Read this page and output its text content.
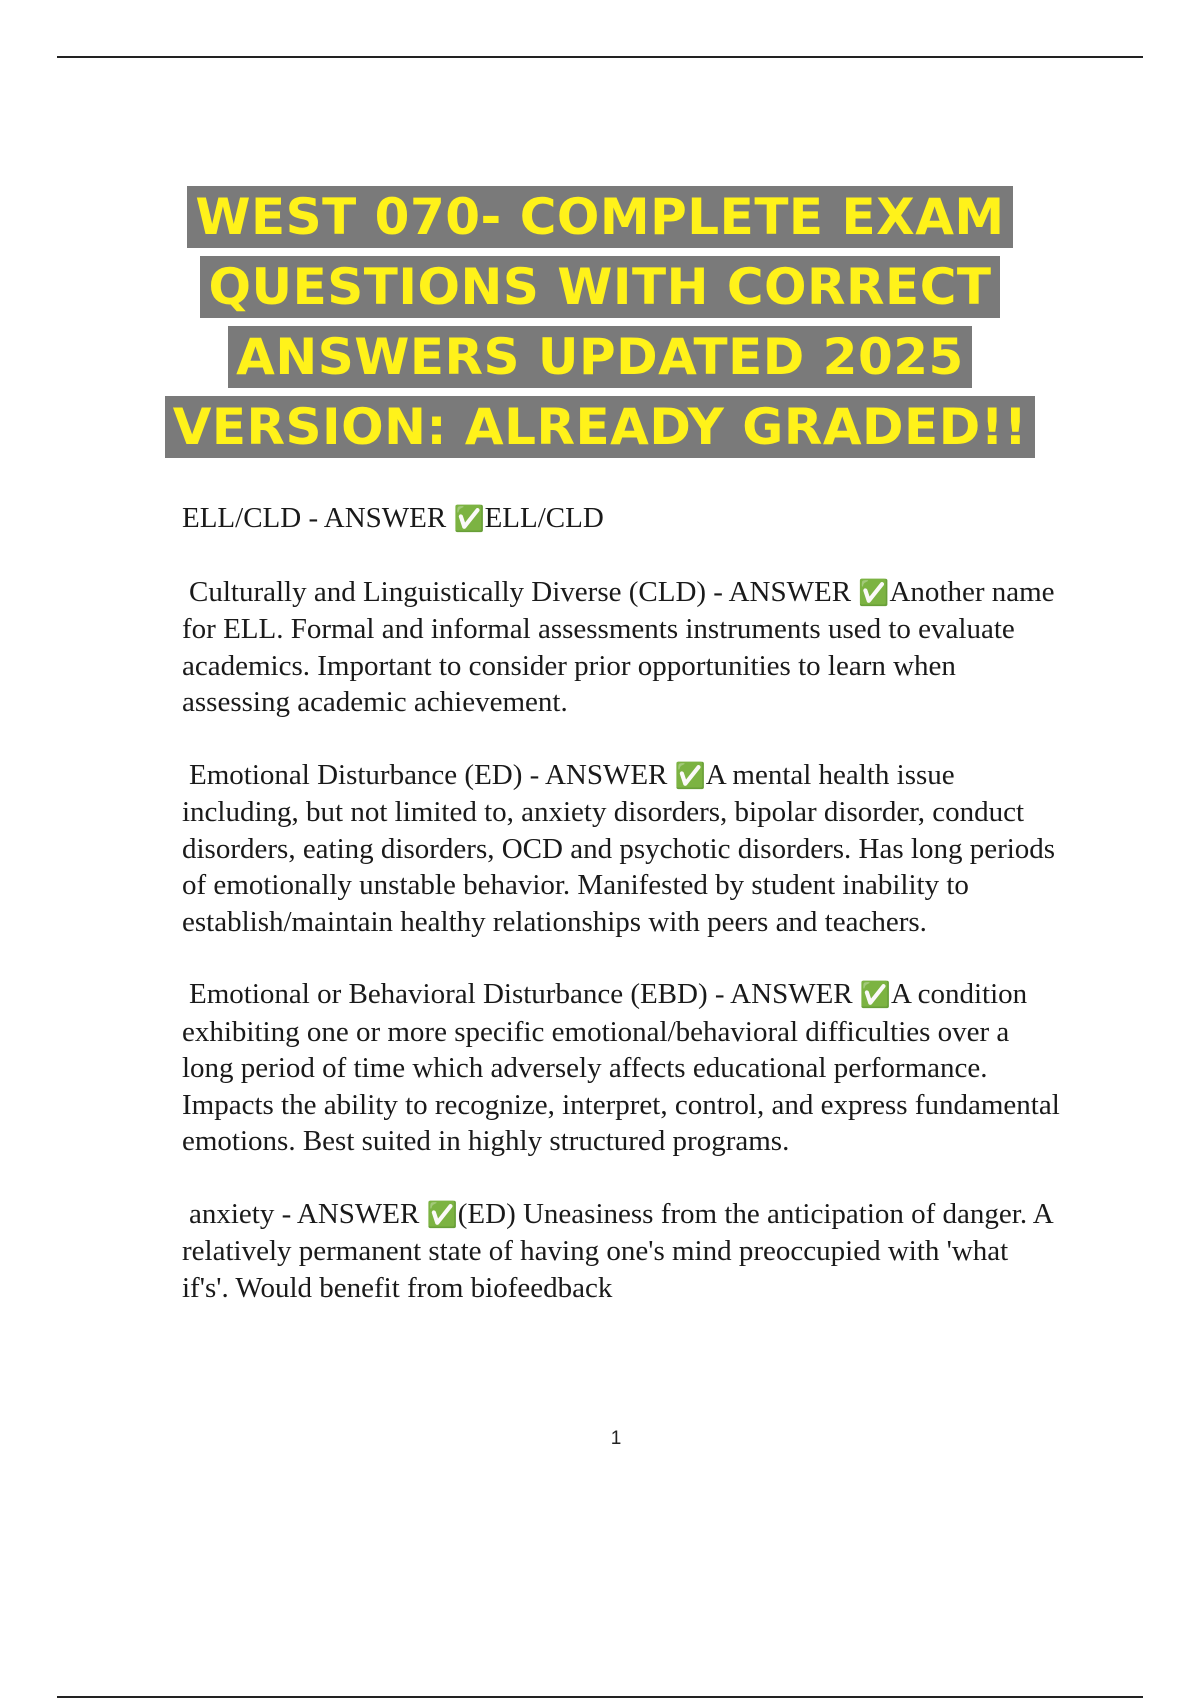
WEST 070- COMPLETE EXAM QUESTIONS WITH CORRECT ANSWERS UPDATED 2025 VERSION: ALREADY GRADED!!
ELL/CLD - ANSWER ✅ELL/CLD
Culturally and Linguistically Diverse (CLD) - ANSWER ✅Another name for ELL. Formal and informal assessments instruments used to evaluate academics. Important to consider prior opportunities to learn when assessing academic achievement.
Emotional Disturbance (ED) - ANSWER ✅A mental health issue including, but not limited to, anxiety disorders, bipolar disorder, conduct disorders, eating disorders, OCD and psychotic disorders. Has long periods of emotionally unstable behavior. Manifested by student inability to establish/maintain healthy relationships with peers and teachers.
Emotional or Behavioral Disturbance (EBD) - ANSWER ✅A condition exhibiting one or more specific emotional/behavioral difficulties over a long period of time which adversely affects educational performance. Impacts the ability to recognize, interpret, control, and express fundamental emotions. Best suited in highly structured programs.
anxiety - ANSWER ✅(ED) Uneasiness from the anticipation of danger. A relatively permanent state of having one's mind preoccupied with 'what if's'. Would benefit from biofeedback
1
